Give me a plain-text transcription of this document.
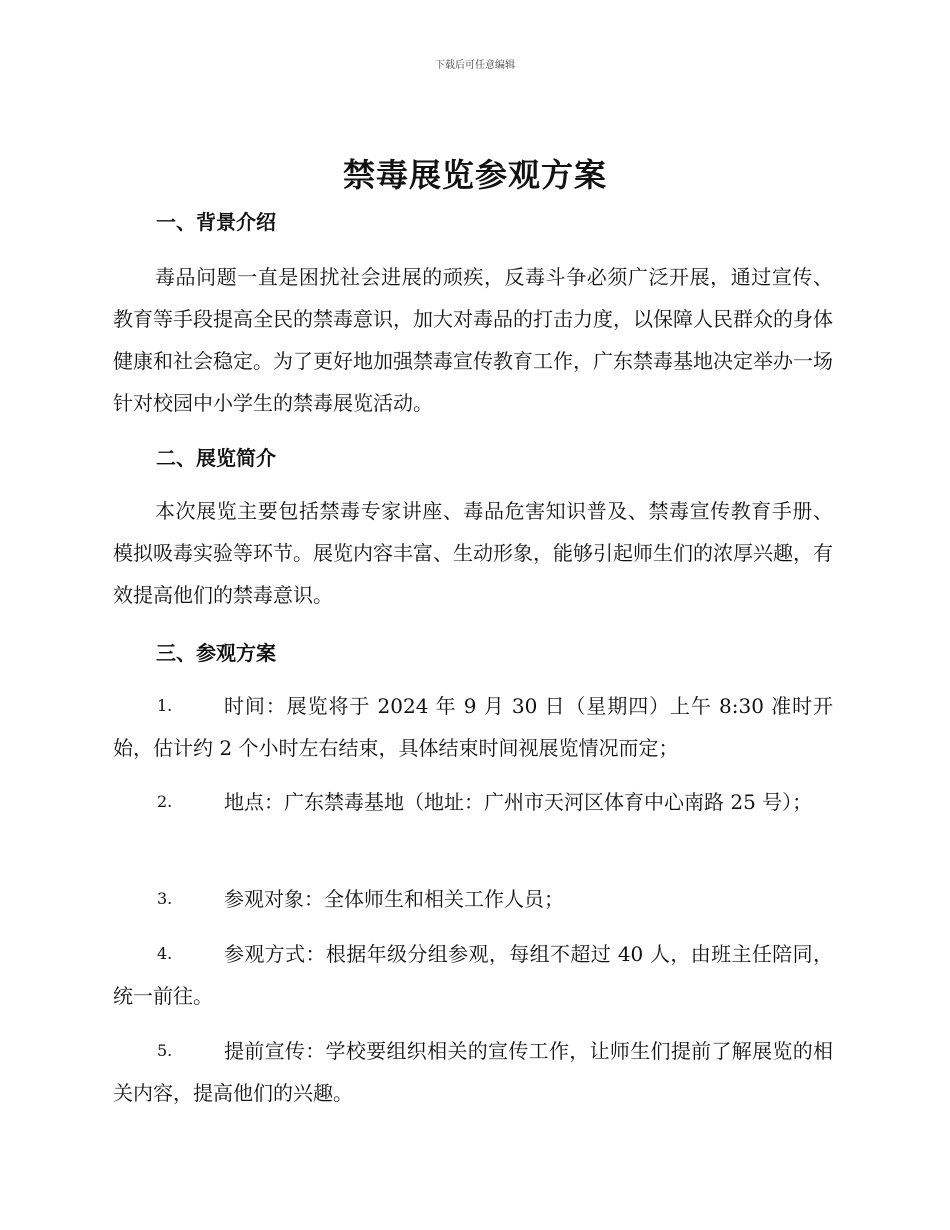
下载后可任意编辑
禁毒展览参观方案
一、背景介绍

毒品问题一直是困扰社会进展的顽疾，反毒斗争必须广泛开展，通过宣传、教育等手段提高全民的禁毒意识，加大对毒品的打击力度，以保障人民群众的身体健康和社会稳定。为了更好地加强禁毒宣传教育工作，广东禁毒基地决定举办一场针对校园中小学生的禁毒展览活动。

二、展览简介

本次展览主要包括禁毒专家讲座、毒品危害知识普及、禁毒宣传教育手册、模拟吸毒实验等环节。展览内容丰富、生动形象，能够引起师生们的浓厚兴趣，有效提高他们的禁毒意识。

三、参观方案
1.	时间：展览将于 2024 年 9 月 30 日（星期四）上午 8:30 准时开始，估计约 2 个小时左右结束，具体结束时间视展览情况而定；
2.	地点：广东禁毒基地（地址：广州市天河区体育中心南路 25 号）；
3.	参观对象：全体师生和相关工作人员；
4.	参观方式：根据年级分组参观，每组不超过 40 人，由班主任陪同，统一前往。
5.	提前宣传：学校要组织相关的宣传工作，让师生们提前了解展览的相关内容，提高他们的兴趣。
